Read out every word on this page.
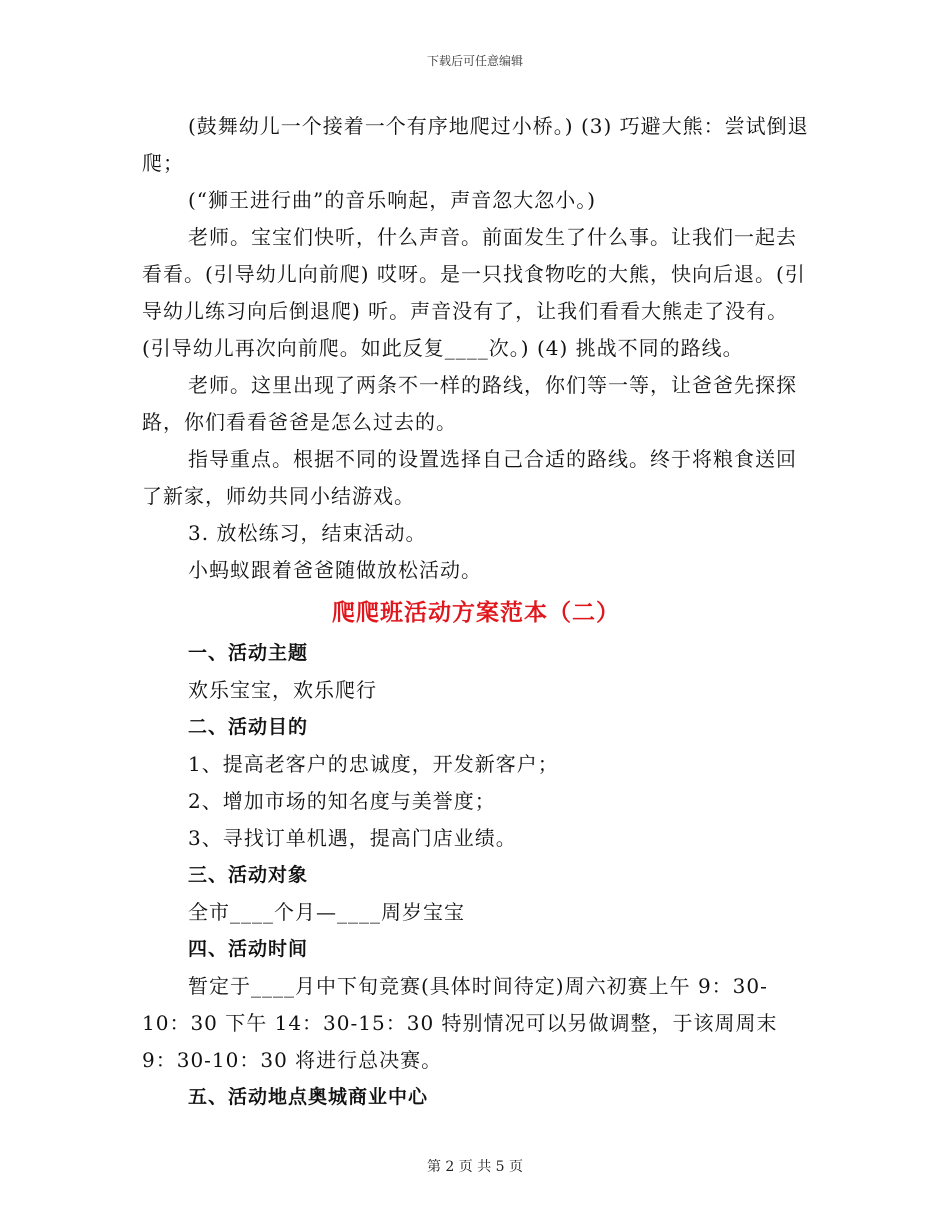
下载后可任意编辑

(鼓舞幼儿一个接着一个有序地爬过小桥。) (3) 巧避大熊：尝试倒退爬；

(“狮王进行曲”的音乐响起，声音忽大忽小。)

老师。宝宝们快听，什么声音。前面发生了什么事。让我们一起去看看。(引导幼儿向前爬) 哎呀。是一只找食物吃的大熊，快向后退。(引导幼儿练习向后倒退爬) 听。声音没有了，让我们看看大熊走了没有。(引导幼儿再次向前爬。如此反复____次。) (4) 挑战不同的路线。

老师。这里出现了两条不一样的路线，你们等一等，让爸爸先探探路，你们看看爸爸是怎么过去的。

指导重点。根据不同的设置选择自己合适的路线。终于将粮食送回了新家，师幼共同小结游戏。

3. 放松练习，结束活动。

小蚂蚁跟着爸爸随做放松活动。

爬爬班活动方案范本（二）

一、活动主题

欢乐宝宝，欢乐爬行

二、活动目的

1、提高老客户的忠诚度，开发新客户；

2、增加市场的知名度与美誉度；

3、寻找订单机遇，提高门店业绩。

三、活动对象

全市____个月—____周岁宝宝

四、活动时间

暂定于____月中下旬竞赛(具体时间待定)周六初赛上午 9：30-10：30 下午 14：30-15：30 特别情况可以另做调整，于该周周末 9：30-10：30 将进行总决赛。

五、活动地点奥城商业中心

第 2 页 共 5 页
